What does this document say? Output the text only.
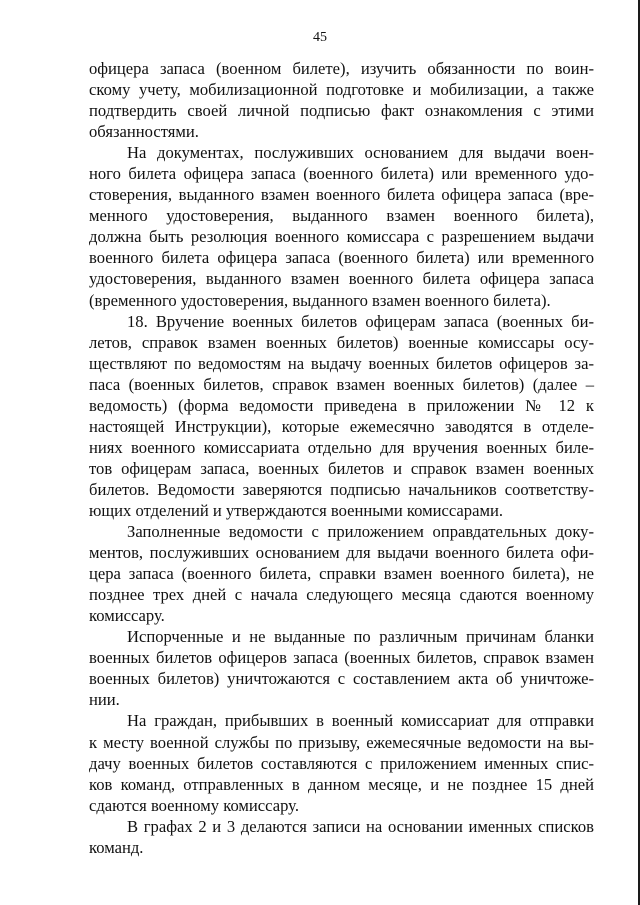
45
офицера запаса (военном билете), изучить обязанности по воин-
скому учету, мобилизационной подготовке и мобилизации, а также
подтвердить своей личной подписью факт ознакомления с этими
обязанностями.
На документах, послуживших основанием для выдачи воен-
ного билета офицера запаса (военного билета) или временного удо-
стоверения, выданного взамен военного билета офицера запаса (вре-
менного удостоверения, выданного взамен военного билета),
должна быть резолюция военного комиссара с разрешением выдачи
военного билета офицера запаса (военного билета) или временного
удостоверения, выданного взамен военного билета офицера запаса
(временного удостоверения, выданного взамен военного билета).
18. Вручение военных билетов офицерам запаса (военных би-
летов, справок взамен военных билетов) военные комиссары осу-
ществляют по ведомостям на выдачу военных билетов офицеров за-
паса (военных билетов, справок взамен военных билетов) (далее –
ведомость) (форма ведомости приведена в приложении № 12 к
настоящей Инструкции), которые ежемесячно заводятся в отделе-
ниях военного комиссариата отдельно для вручения военных биле-
тов офицерам запаса, военных билетов и справок взамен военных
билетов. Ведомости заверяются подписью начальников соответству-
ющих отделений и утверждаются военными комиссарами.
Заполненные ведомости с приложением оправдательных доку-
ментов, послуживших основанием для выдачи военного билета офи-
цера запаса (военного билета, справки взамен военного билета), не
позднее трех дней с начала следующего месяца сдаются военному
комиссару.
Испорченные и не выданные по различным причинам бланки
военных билетов офицеров запаса (военных билетов, справок взамен
военных билетов) уничтожаются с составлением акта об уничтоже-
нии.
На граждан, прибывших в военный комиссариат для отправки
к месту военной службы по призыву, ежемесячные ведомости на вы-
дачу военных билетов составляются с приложением именных спис-
ков команд, отправленных в данном месяце, и не позднее 15 дней
сдаются военному комиссару.
В графах 2 и 3 делаются записи на основании именных списков
команд.
